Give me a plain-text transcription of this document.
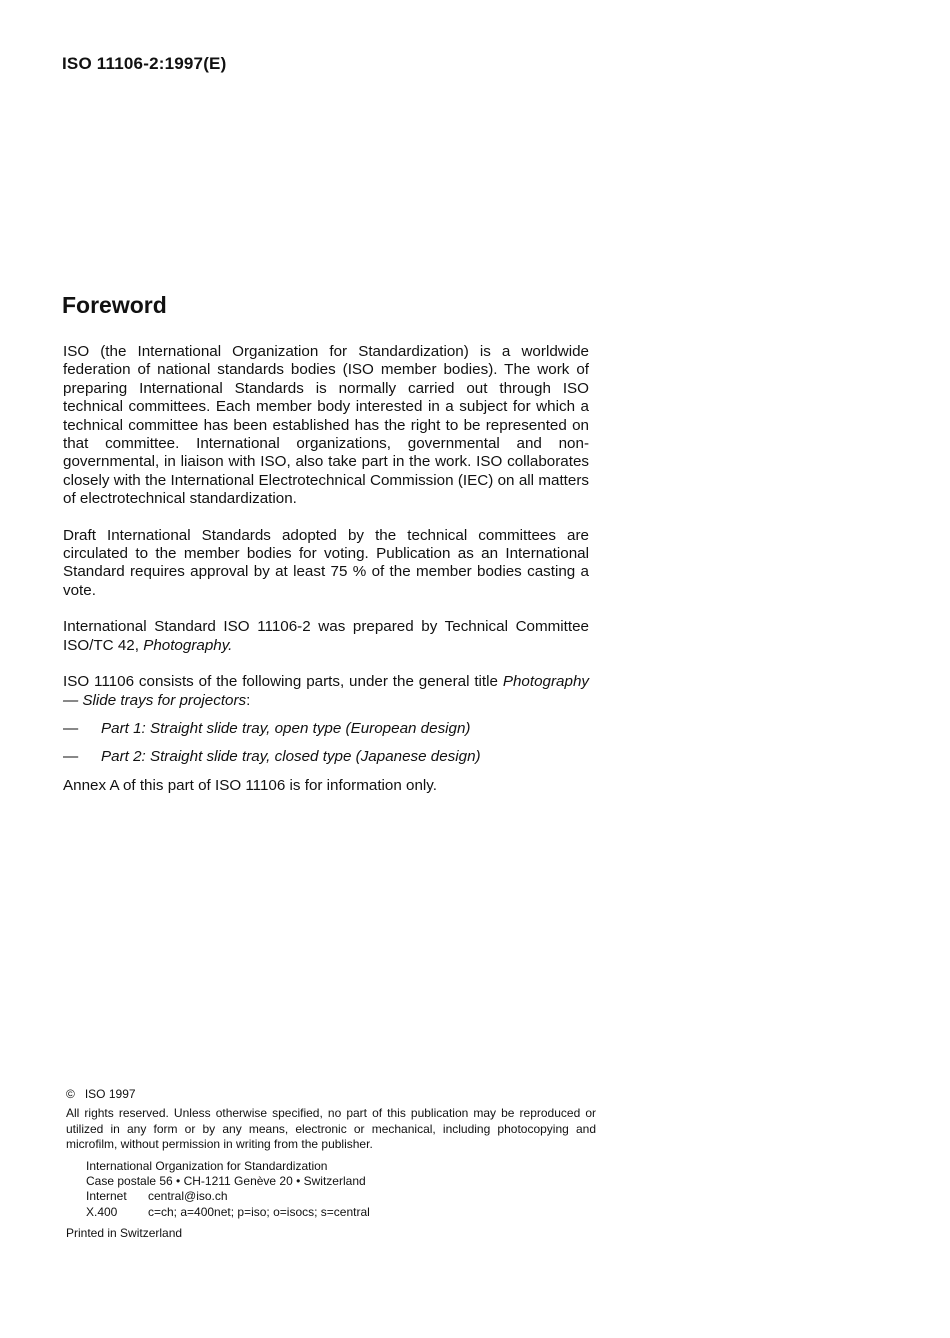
ISO 11106-2:1997(E)
Foreword

ISO (the International Organization for Standardization) is a worldwide federation of national standards bodies (ISO member bodies). The work of preparing International Standards is normally carried out through ISO technical committees. Each member body interested in a subject for which a technical committee has been established has the right to be represented on that committee. International organizations, governmental and non-governmental, in liaison with ISO, also take part in the work. ISO collaborates closely with the International Electrotechnical Commission (IEC) on all matters of electrotechnical standardization.

Draft International Standards adopted by the technical committees are circulated to the member bodies for voting. Publication as an International Standard requires approval by at least 75 % of the member bodies casting a vote.

International Standard ISO 11106-2 was prepared by Technical Committee ISO/TC 42, Photography.

ISO 11106 consists of the following parts, under the general title Photography — Slide trays for projectors:

—	Part 1: Straight slide tray, open type (European design)
—	Part 2: Straight slide tray, closed type (Japanese design)

Annex A of this part of ISO 11106 is for information only.

© ISO 1997

All rights reserved. Unless otherwise specified, no part of this publication may be reproduced or utilized in any form or by any means, electronic or mechanical, including photocopying and microfilm, without permission in writing from the publisher.

International Organization for Standardization
Case postale 56 • CH-1211 Genève 20 • Switzerland
Internet	central@iso.ch
X.400	c=ch; a=400net; p=iso; o=isocs; s=central

Printed in Switzerland
